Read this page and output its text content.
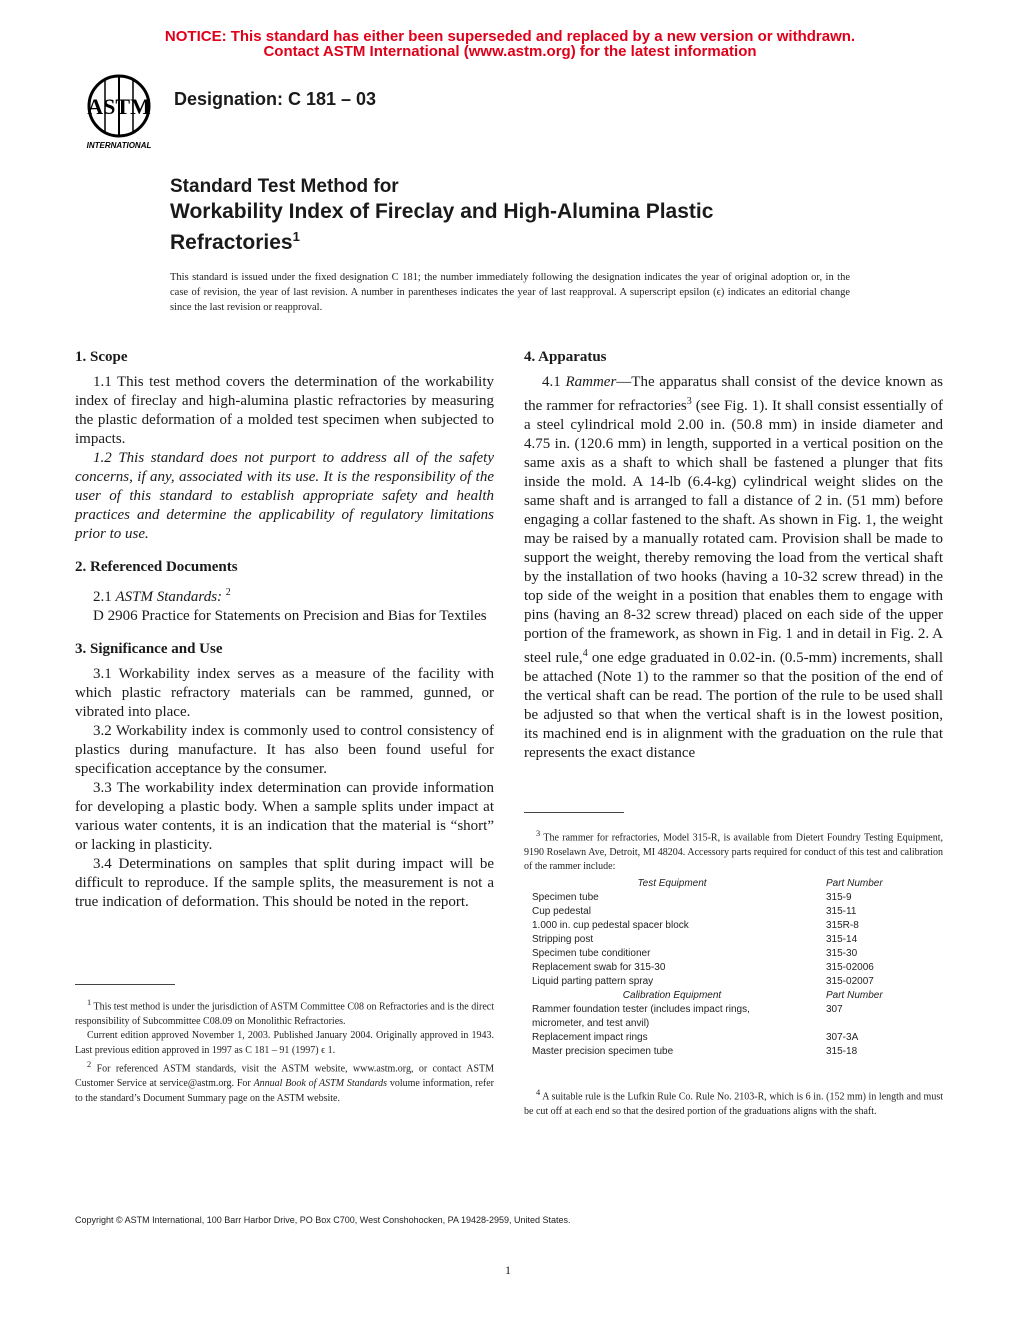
NOTICE: This standard has either been superseded and replaced by a new version or withdrawn.
Contact ASTM International (www.astm.org) for the latest information
ASTM
INTERNATIONAL
Designation: C 181 – 03
Standard Test Method for
Workability Index of Fireclay and High-Alumina Plastic Refractories$^1$
This standard is issued under the fixed designation C 181; the number immediately following the designation indicates the year of original adoption or, in the case of revision, the year of last revision. A number in parentheses indicates the year of last reapproval. A superscript epsilon (ϵ) indicates an editorial change since the last revision or reapproval.
1. Scope

1.1 This test method covers the determination of the workability index of fireclay and high-alumina plastic refractories by measuring the plastic deformation of a molded test specimen when subjected to impacts.

1.2 This standard does not purport to address all of the safety concerns, if any, associated with its use. It is the responsibility of the user of this standard to establish appropriate safety and health practices and determine the applicability of regulatory limitations prior to use.

2. Referenced Documents

2.1 ASTM Standards: $^2$

D 2906 Practice for Statements on Precision and Bias for Textiles

3. Significance and Use

3.1 Workability index serves as a measure of the facility with which plastic refractory materials can be rammed, gunned, or vibrated into place.

3.2 Workability index is commonly used to control consistency of plastics during manufacture. It has also been found useful for specification acceptance by the consumer.

3.3 The workability index determination can provide information for developing a plastic body. When a sample splits under impact at various water contents, it is an indication that the material is “short” or lacking in plasticity.

3.4 Determinations on samples that split during impact will be difficult to reproduce. If the sample splits, the measurement is not a true indication of deformation. This should be noted in the report.

$^1$ This test method is under the jurisdiction of ASTM Committee C08 on Refractories and is the direct responsibility of Subcommittee C08.09 on Monolithic Refractories.

Current edition approved November 1, 2003. Published January 2004. Originally approved in 1943. Last previous edition approved in 1997 as C 181 – 91 (1997) ϵ 1.

$^2$ For referenced ASTM standards, visit the ASTM website, www.astm.org, or contact ASTM Customer Service at service@astm.org. For Annual Book of ASTM Standards volume information, refer to the standard’s Document Summary page on the ASTM website.

4. Apparatus

4.1 Rammer—The apparatus shall consist of the device known as the rammer for refractories$^3$ (see Fig. 1). It shall consist essentially of a steel cylindrical mold 2.00 in. (50.8 mm) in inside diameter and 4.75 in. (120.6 mm) in length, supported in a vertical position on the same axis as a shaft to which shall be fastened a plunger that fits inside the mold. A 14-lb (6.4-kg) cylindrical weight slides on the same shaft and is arranged to fall a distance of 2 in. (51 mm) before engaging a collar fastened to the shaft. As shown in Fig. 1, the weight may be raised by a manually rotated cam. Provision shall be made to support the weight, thereby removing the load from the vertical shaft by the installation of two hooks (having a 10-32 screw thread) in the top side of the weight in a position that enables them to engage with pins (having an 8-32 screw thread) placed on each side of the upper portion of the framework, as shown in Fig. 1 and in detail in Fig. 2. A steel rule,$^4$ one edge graduated in 0.02-in. (0.5-mm) increments, shall be attached (Note 1) to the rammer so that the position of the end of the vertical shaft can be read. The portion of the rule to be used shall be adjusted so that when the vertical shaft is in the lowest position, its machined end is in alignment with the graduation on the rule that represents the exact distance

$^3$ The rammer for refractories, Model 315-R, is available from Dietert Foundry Testing Equipment, 9190 Roselawn Ave, Detroit, MI 48204. Accessory parts required for conduct of this test and calibration of the rammer include:

Test Equipment	Part Number
Specimen tube	315-9
Cup pedestal	315-11
1.000 in. cup pedestal spacer block	315R-8
Stripping post	315-14
Specimen tube conditioner	315-30
Replacement swab for 315-30	315-02006
Liquid parting pattern spray	315-02007
Calibration Equipment	Part Number
Rammer foundation tester (includes impact rings, micrometer, and test anvil)	307
Replacement impact rings	307-3A
Master precision specimen tube	315-18

$^4$ A suitable rule is the Lufkin Rule Co. Rule No. 2103-R, which is 6 in. (152 mm) in length and must be cut off at each end so that the desired portion of the graduations aligns with the shaft.

Copyright © ASTM International, 100 Barr Harbor Drive, PO Box C700, West Conshohocken, PA 19428-2959, United States.
1
